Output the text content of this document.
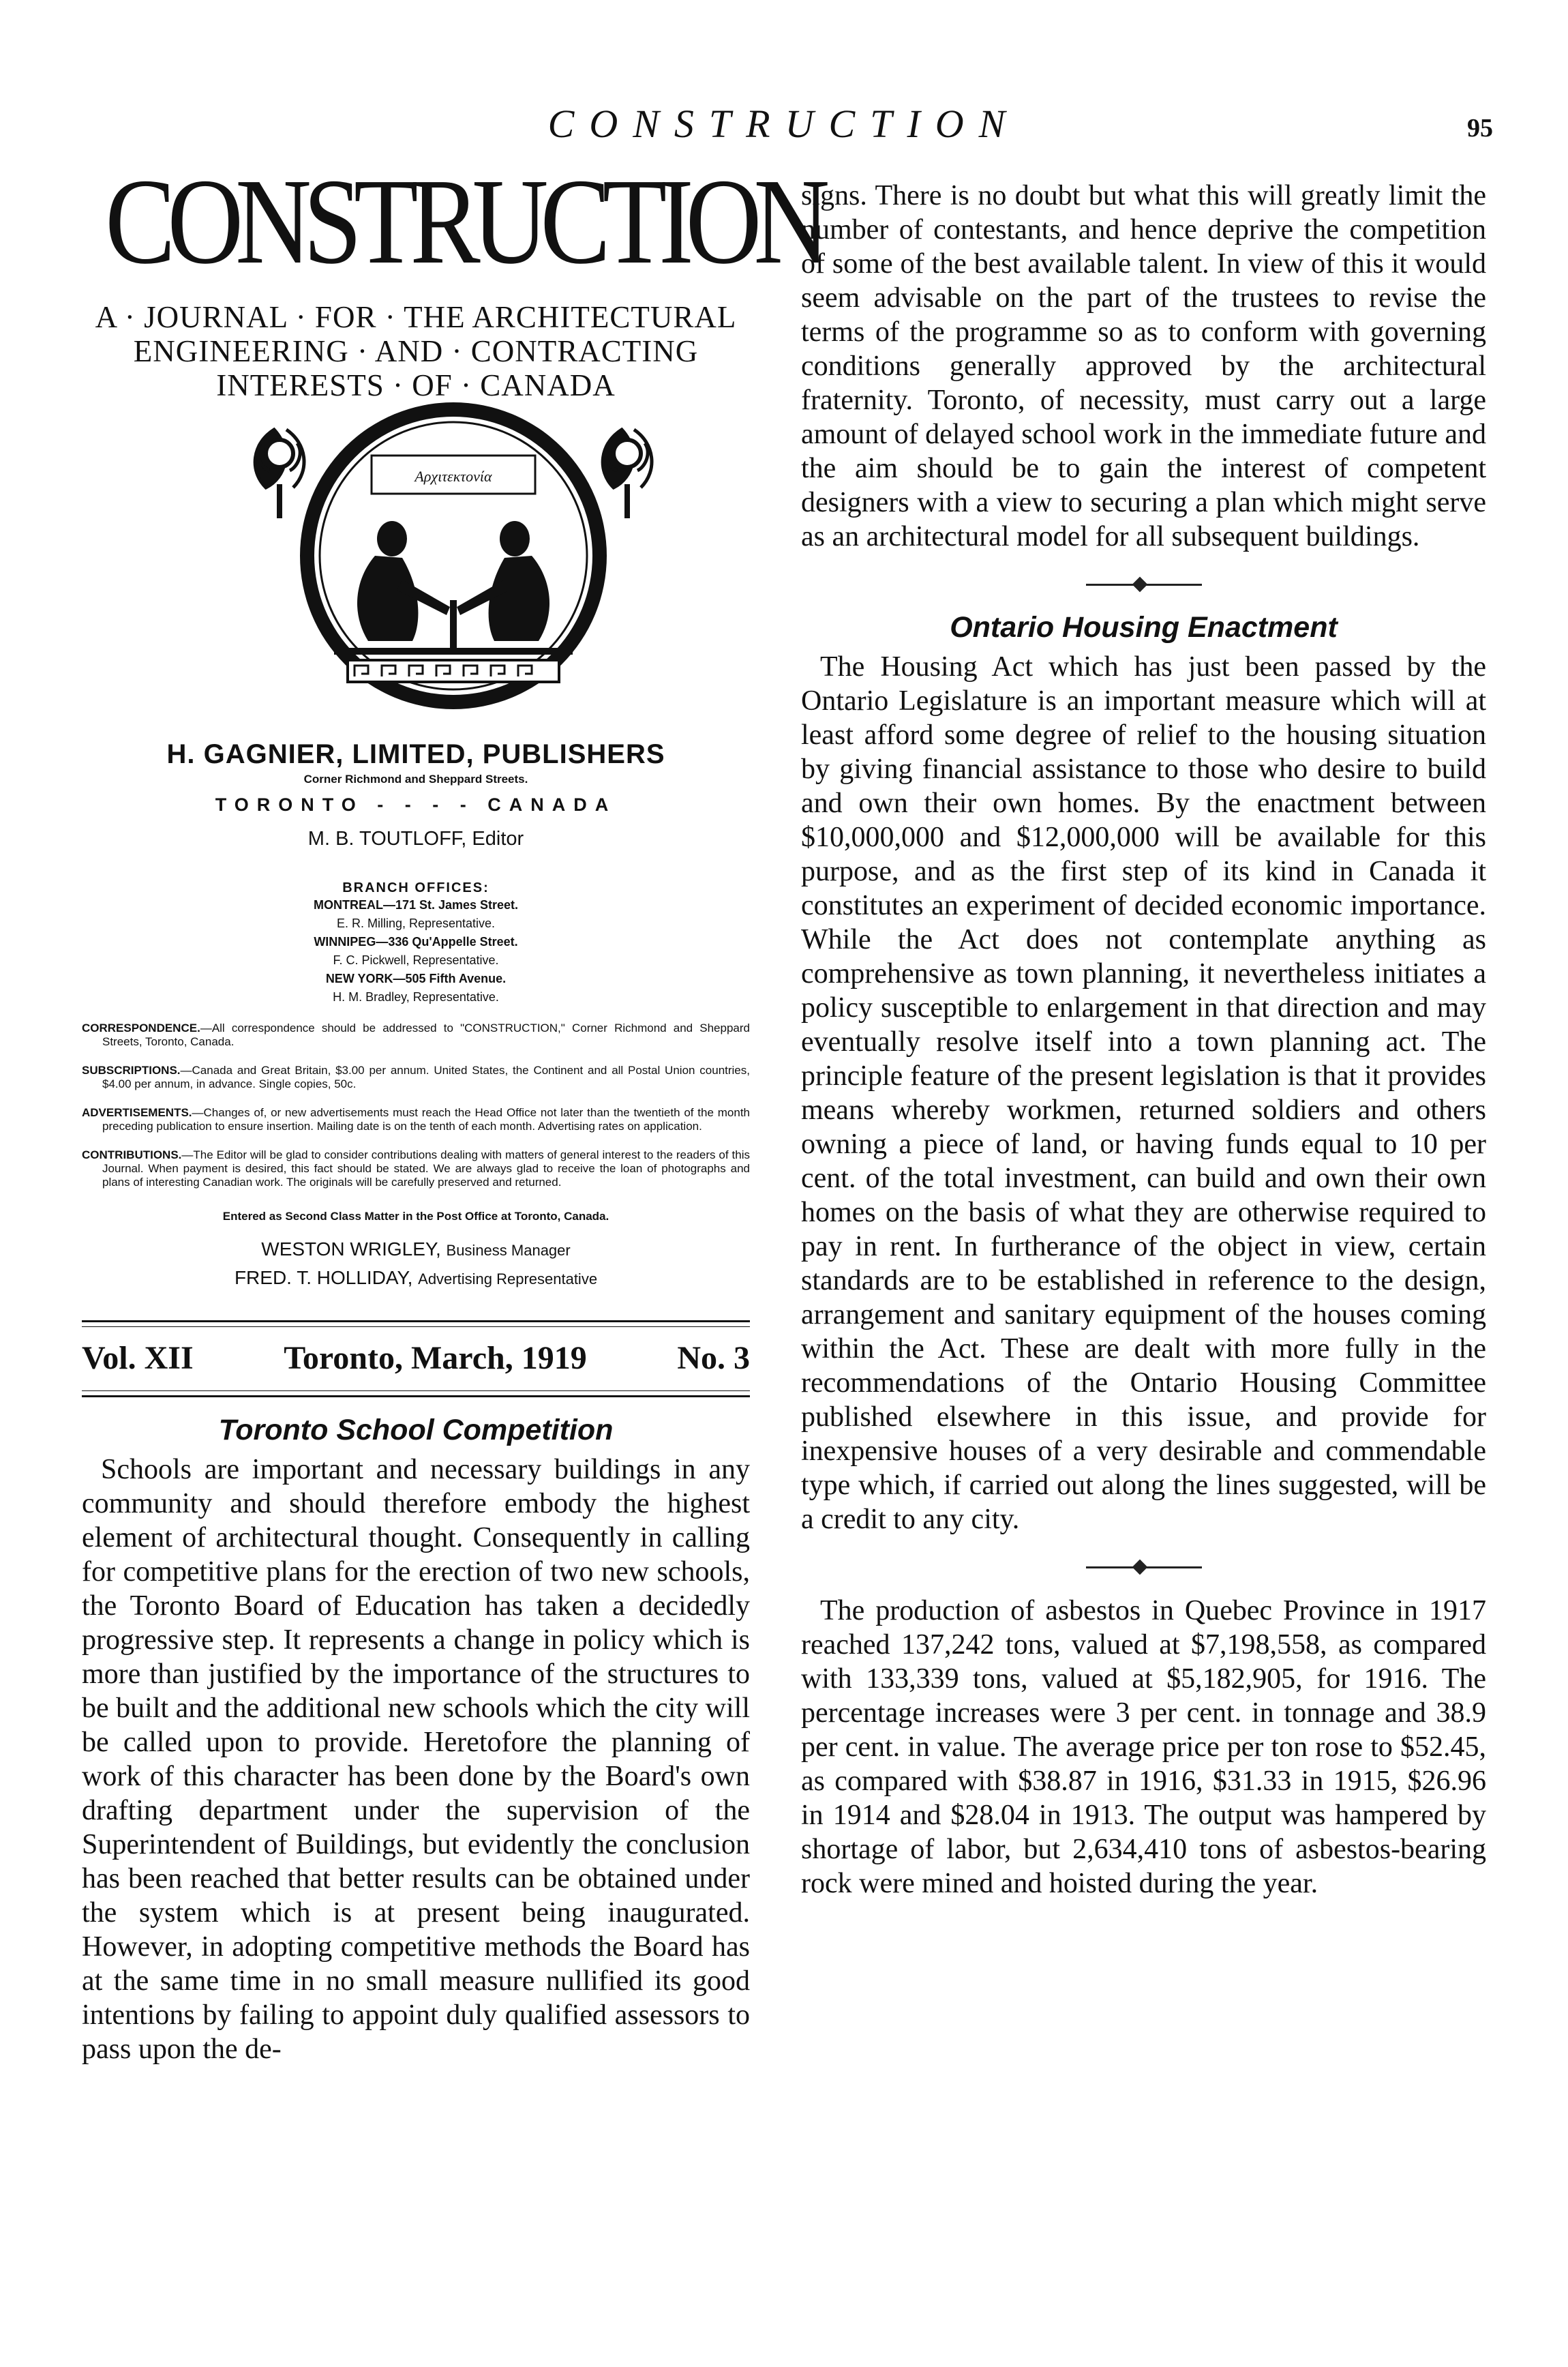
CONSTRUCTION	95
CONSTRUCTION
A · JOURNAL · FOR · THE ARCHITECTURAL
ENGINEERING · AND · CONTRACTING
INTERESTS · OF · CANADA
Αρχιτεκτονία
H. GAGNIER, LIMITED, PUBLISHERS
Corner Richmond and Sheppard Streets.
TORONTO - - - - CANADA
M. B. TOUTLOFF, Editor
BRANCH OFFICES:
MONTREAL—171 St. James Street.
E. R. Milling, Representative.
WINNIPEG—336 Qu'Appelle Street.
F. C. Pickwell, Representative.
NEW YORK—505 Fifth Avenue.
H. M. Bradley, Representative.
CORRESPONDENCE.—All correspondence should be addressed to "CONSTRUCTION," Corner Richmond and Sheppard Streets, Toronto, Canada.
SUBSCRIPTIONS.—Canada and Great Britain, $3.00 per annum. United States, the Continent and all Postal Union countries, $4.00 per annum, in advance. Single copies, 50c.
ADVERTISEMENTS.—Changes of, or new advertisements must reach the Head Office not later than the twentieth of the month preceding publication to ensure insertion. Mailing date is on the tenth of each month. Advertising rates on application.
CONTRIBUTIONS.—The Editor will be glad to consider contributions dealing with matters of general interest to the readers of this Journal. When payment is desired, this fact should be stated. We are always glad to receive the loan of photographs and plans of interesting Canadian work. The originals will be carefully preserved and returned.
Entered as Second Class Matter in the Post Office at Toronto, Canada.
WESTON WRIGLEY, Business Manager
FRED. T. HOLLIDAY, Advertising Representative
Vol. XII	Toronto, March, 1919	No. 3
Toronto School Competition

Schools are important and necessary buildings in any community and should therefore embody the highest element of architectural thought. Consequently in calling for competitive plans for the erection of two new schools, the Toronto Board of Education has taken a decidedly progressive step. It represents a change in policy which is more than justified by the importance of the structures to be built and the additional new schools which the city will be called upon to provide. Heretofore the planning of work of this character has been done by the Board's own drafting department under the supervision of the Superintendent of Buildings, but evidently the conclusion has been reached that better results can be obtained under the system which is at present being inaugurated. However, in adopting competitive methods the Board has at the same time in no small measure nullified its good intentions by failing to appoint duly qualified assessors to pass upon the de-

signs. There is no doubt but what this will greatly limit the number of contestants, and hence deprive the competition of some of the best available talent. In view of this it would seem advisable on the part of the trustees to revise the terms of the programme so as to conform with governing conditions generally approved by the architectural fraternity. Toronto, of necessity, must carry out a large amount of delayed school work in the immediate future and the aim should be to gain the interest of competent designers with a view to securing a plan which might serve as an architectural model for all subsequent buildings.

Ontario Housing Enactment

The Housing Act which has just been passed by the Ontario Legislature is an important measure which will at least afford some degree of relief to the housing situation by giving financial assistance to those who desire to build and own their own homes. By the enactment between $10,000,000 and $12,000,000 will be available for this purpose, and as the first step of its kind in Canada it constitutes an experiment of decided economic importance. While the Act does not contemplate anything as comprehensive as town planning, it nevertheless initiates a policy susceptible to enlargement in that direction and may eventually resolve itself into a town planning act. The principle feature of the present legislation is that it provides means whereby workmen, returned soldiers and others owning a piece of land, or having funds equal to 10 per cent. of the total investment, can build and own their own homes on the basis of what they are otherwise required to pay in rent. In furtherance of the object in view, certain standards are to be established in reference to the design, arrangement and sanitary equipment of the houses coming within the Act. These are dealt with more fully in the recommendations of the Ontario Housing Committee published elsewhere in this issue, and provide for inexpensive houses of a very desirable and commendable type which, if carried out along the lines suggested, will be a credit to any city.

The production of asbestos in Quebec Province in 1917 reached 137,242 tons, valued at $7,198,558, as compared with 133,339 tons, valued at $5,182,905, for 1916. The percentage increases were 3 per cent. in tonnage and 38.9 per cent. in value. The average price per ton rose to $52.45, as compared with $38.87 in 1916, $31.33 in 1915, $26.96 in 1914 and $28.04 in 1913. The output was hampered by shortage of labor, but 2,634,410 tons of asbestos-bearing rock were mined and hoisted during the year.
